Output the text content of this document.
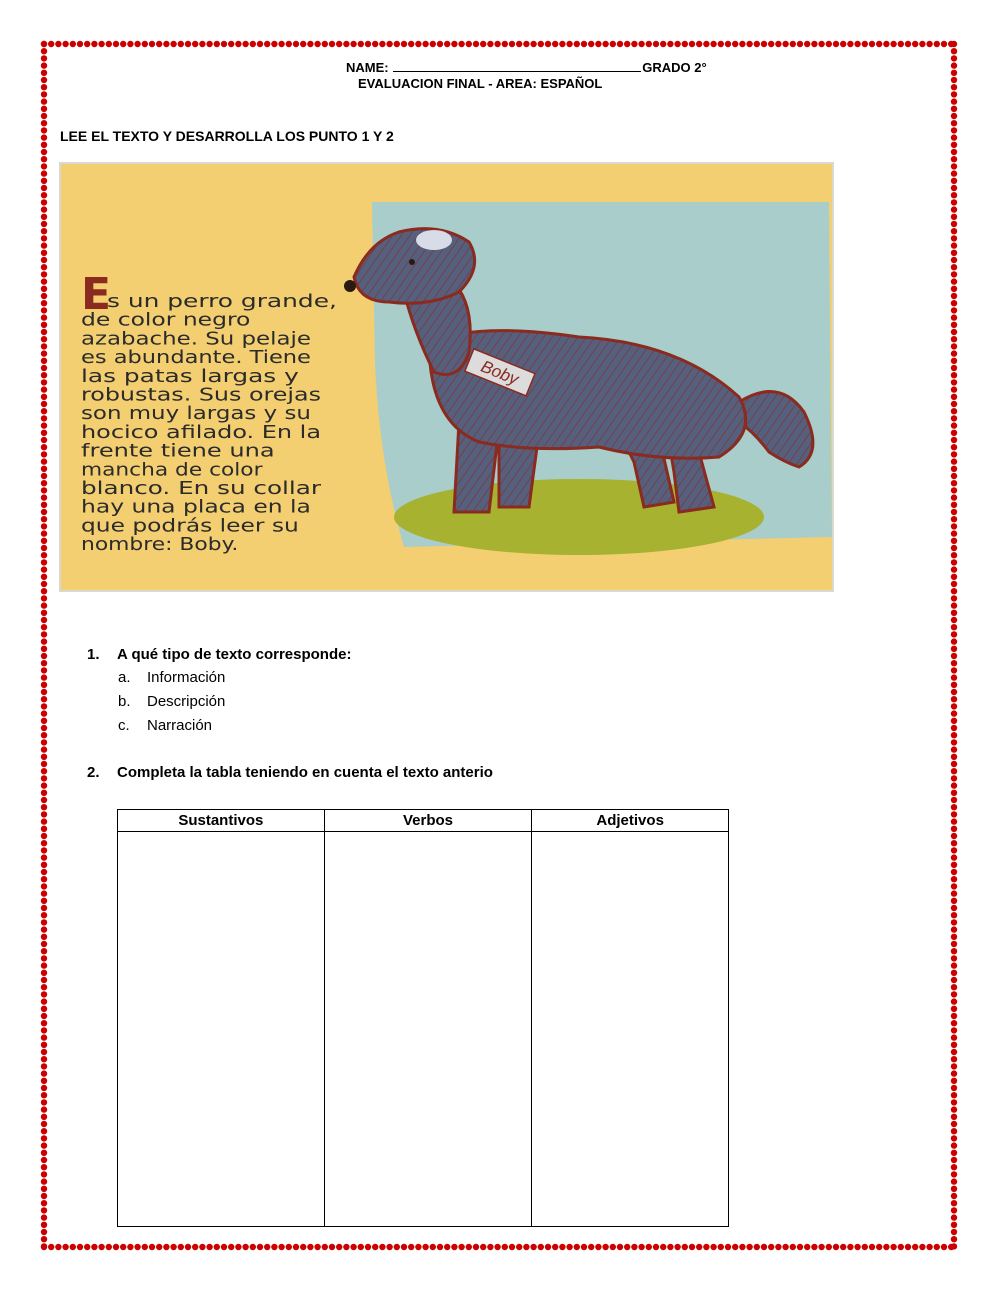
NAME:	GRADO 2°
EVALUACION FINAL - AREA: ESPAÑOL
LEE EL TEXTO Y DESARROLLA LOS PUNTO 1 Y 2
Boby
s un perro grande,
de color negro
azabache. Su pelaje
es abundante. Tiene
las patas largas y
robustas. Sus orejas
son muy largas y su
hocico afilado. En la
frente tiene una
mancha de color
blanco. En su collar
hay una placa en la
que podrás leer su
nombre: Boby.
E
1. A qué tipo de texto corresponde:
a. Información
b. Descripción
c. Narración
2. Completa la tabla teniendo en cuenta el texto anterio
Sustantivos	Verbos	Adjetivos
